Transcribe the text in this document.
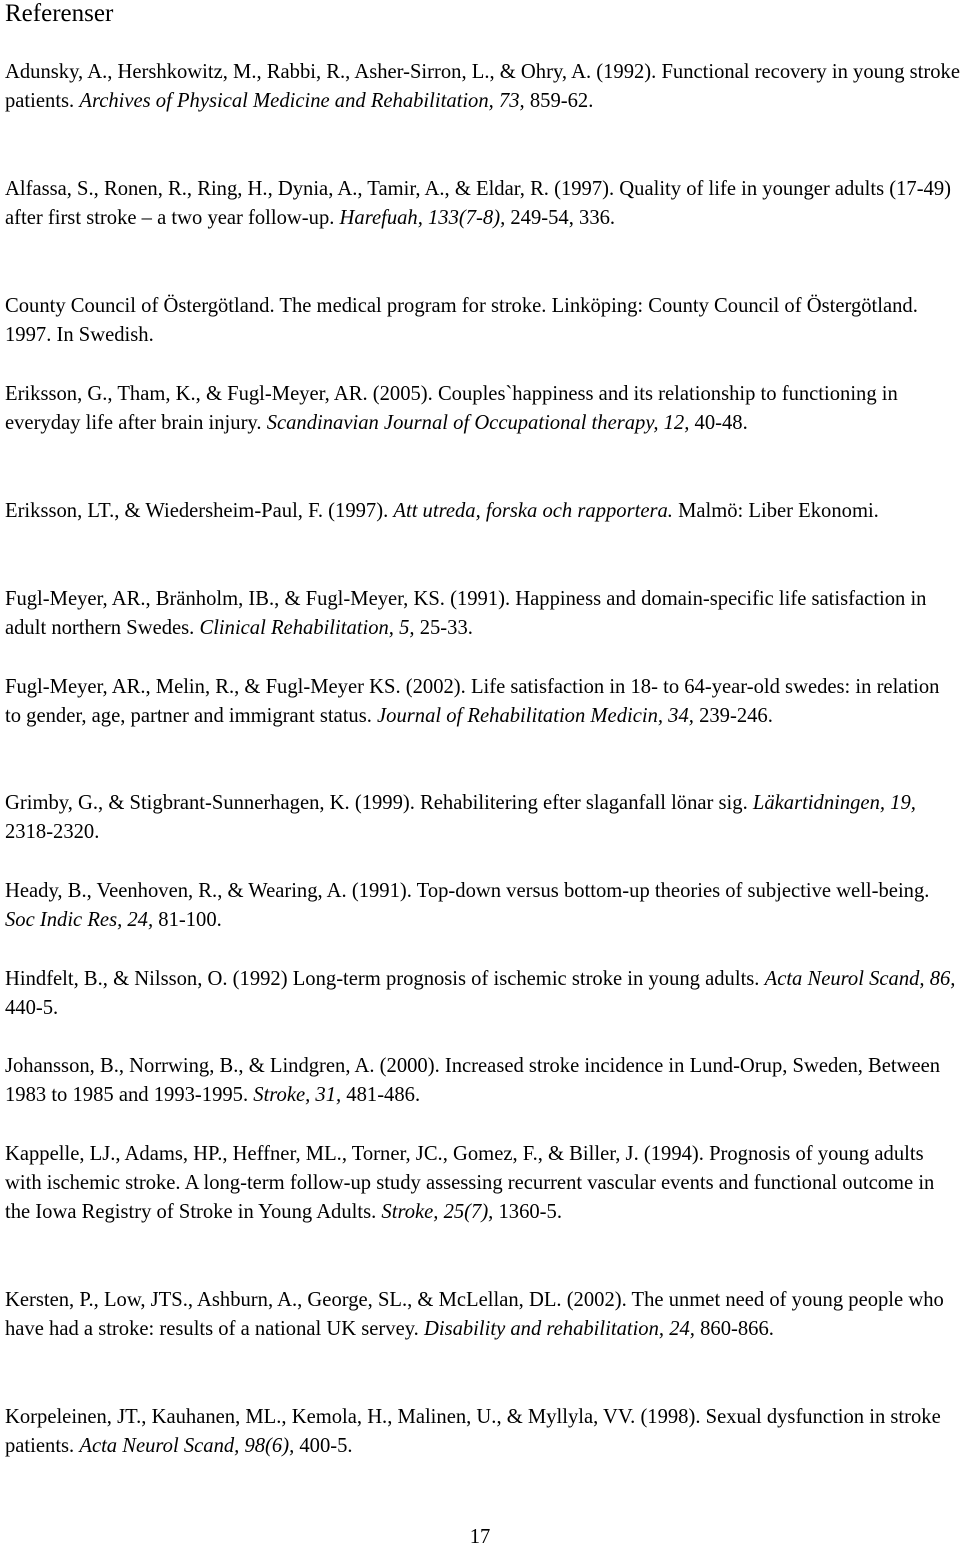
Referenser

Adunsky, A., Hershkowitz, M., Rabbi, R., Asher-Sirron, L., & Ohry, A. (1992). Functional recovery in young stroke patients. Archives of Physical Medicine and Rehabilitation, 73, 859-62.

Alfassa, S., Ronen, R., Ring, H., Dynia, A., Tamir, A., & Eldar, R. (1997). Quality of life in younger adults (17-49) after first stroke – a two year follow-up. Harefuah, 133(7-8), 249-54, 336.

County Council of Östergötland. The medical program for stroke. Linköping: County Council of Östergötland. 1997. In Swedish.

Eriksson, G., Tham, K., & Fugl-Meyer, AR. (2005). Couples`happiness and its relationship to functioning in everyday life after brain injury. Scandinavian Journal of Occupational therapy, 12, 40-48.

Eriksson, LT., & Wiedersheim-Paul, F. (1997). Att utreda, forska och rapportera. Malmö: Liber Ekonomi.

Fugl-Meyer, AR., Bränholm, IB., & Fugl-Meyer, KS. (1991). Happiness and domain-specific life satisfaction in adult northern Swedes. Clinical Rehabilitation, 5, 25-33.

Fugl-Meyer, AR., Melin, R., & Fugl-Meyer KS. (2002). Life satisfaction in 18- to 64-year-old swedes: in relation to gender, age, partner and immigrant status. Journal of Rehabilitation Medicin, 34, 239-246.

Grimby, G., & Stigbrant-Sunnerhagen, K. (1999). Rehabilitering efter slaganfall lönar sig. Läkartidningen, 19, 2318-2320.

Heady, B., Veenhoven, R., & Wearing, A. (1991). Top-down versus bottom-up theories of subjective well-being. Soc Indic Res, 24, 81-100.

Hindfelt, B., & Nilsson, O. (1992) Long-term prognosis of ischemic stroke in young adults. Acta Neurol Scand, 86, 440-5.

Johansson, B., Norrwing, B., & Lindgren, A. (2000). Increased stroke incidence in Lund-Orup, Sweden, Between 1983 to 1985 and 1993-1995. Stroke, 31, 481-486.

Kappelle, LJ., Adams, HP., Heffner, ML., Torner, JC., Gomez, F., & Biller, J. (1994). Prognosis of young adults with ischemic stroke. A long-term follow-up study assessing recurrent vascular events and functional outcome in the Iowa Registry of Stroke in Young Adults. Stroke, 25(7), 1360-5.

Kersten, P., Low, JTS., Ashburn, A., George, SL., & McLellan, DL. (2002). The unmet need of young people who have had a stroke: results of a national UK servey. Disability and rehabilitation, 24, 860-866.

Korpeleinen, JT., Kauhanen, ML., Kemola, H., Malinen, U., & Myllyla, VV. (1998). Sexual dysfunction in stroke patients. Acta Neurol Scand, 98(6), 400-5.

17
